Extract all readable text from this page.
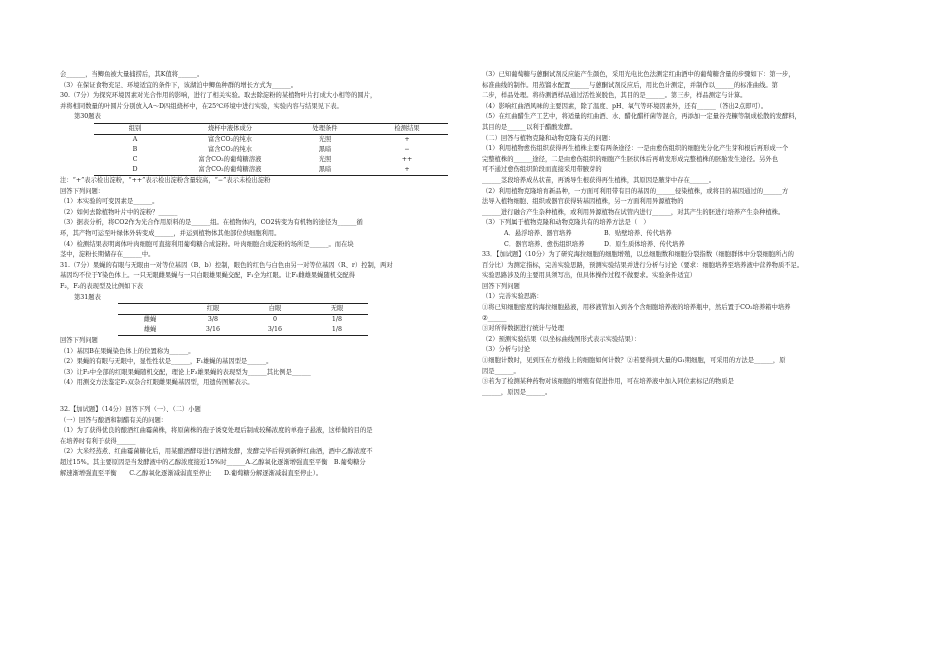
会______，当鲫鱼被大量捕捞后，其K值将______。

（3）在保证食物充足、环境适宜的条件下，该湖泊中鲫鱼种群的增长方式为______。

30.（7分）为探究环境因素对光合作用的影响，进行了相关实验。取去除淀粉的某植物叶片打成大小相等的圆片，

并将相同数量的叶圆片分别放入A～D四组烧杯中，在25℃环境中进行实验，实验内容与结果见下表。

第30题表

组别	烧杯中液体成分	处理条件	检测结果
A	富含CO₂的纯水	光照	+
B	富含CO₂的纯水	黑暗	−
C	富含CO₂的葡萄糖溶液	光照	++
D	富含CO₂的葡萄糖溶液	黑暗	+

注：“+”表示检出淀粉，“++”表示检出淀粉含量较高，“−”表示未检出淀粉

回答下列问题：

（1）本实验的可变因素是______。

（2）如何去除植物叶片中的淀粉？______

（3）据表分析，将CO2作为光合作用原料的是______组。在植物体内，CO2转变为有机物的途径为______循

环，其产物可运至叶绿体外转变成______，并运到植物体其他部位供细胞利用。

（4）检测结果表明离体叶肉细胞可直接利用葡萄糖合成淀粉。叶肉细胞合成淀粉的场所是______。而在块

茎中，淀粉长期储存在______中。

31.（7分）果蝇的有眼与无眼由一对等位基因（B、b）控制，眼色的红色与白色由另一对等位基因（R、r）控制，两对

基因均不位于Y染色体上。一只无眼雌果蝇与一只白眼雄果蝇交配，F₁全为红眼。让F₁雌雄果蝇随机交配得

F₂，F₂的表现型及比例如下表

第31题表

	红眼	白眼	无眼
雌蝇	3/8	0	1/8
雄蝇	3/16	3/16	1/8

回答下列问题

（1）基因B在果蝇染色体上的位置称为______。

（2）果蝇的有眼与无眼中，显性性状是______，F₁雄蝇的基因型是______。

（3）让F₂中全部的红眼果蝇随机交配，理论上F₃雄果蝇的表现型为______其比例是______

（4）用测交方法鉴定F₂双杂合红眼雌果蝇基因型，用遗传图解表示。

32.【加试题】（14分）回答下列（一）、（二）小题

（一）回答与酿酒和制醋有关的问题：

（1）为了获得优良的酿酒红曲霉菌株，将原菌株的孢子诱变处理后制成较稀浓度的单孢子悬液，这样做的目的是

在培养时有利于获得______

（2）大米经蒸煮、红曲霉菌糖化后，用某酿酒酵母进行酒精发酵，发酵完毕后得到新鲜红曲酒，酒中乙醇浓度不

超过15%。其主要原因是当发酵液中的乙醇浓度接近15%时______A.乙醇氧化逐渐增强直至平衡　B.葡萄糖分

解速渐增强直至平衡　　C.乙醇氧化逐渐减弱直至停止　　D.葡萄糖分解逐渐减弱直至停止）。

（3）已知葡萄糖与蒽酮试剂反应能产生颜色，采用光电比色法测定红曲酒中的葡萄糖含量的步骤如下：第一步，

标准曲线的制作。用蒸馏水配置______与蒽酮试剂反应后，用比色计测定，并制作以______的标准曲线。第

二步，样品处理。将待测酒样品通过活性炭脱色，其目的是______。第三步，样品测定与计算。

（4）影响红曲酒风味的主要因素，除了温度、pH、氧气等环境因素外，还有______（答出2点即可）。

（5）在红曲醋生产工艺中，将适量的红曲酒、水、醋化醋杆菌等混合，再添加一定量谷壳糠等制成松散的发酵料，

其目的是______以利于醋酸发酵。

（二）回答与植物克隆和动物克隆有关的问题：

（1）利用植物愈伤组织获得再生植株主要有两条途径：一是由愈伤组织的细胞先分化产生芽和根后再形成一个

完整植株的______途径，二是由愈伤组织的细胞产生胚状体后再萌发形成完整植株的胚胎发生途径。另外也

可不通过愈伤组织阶段而直接采用带腋芽的

______茎段培养成丛状苗，再诱导生根获得再生植株，其原因是腋芽中存在______。

（2）利用植物克隆培育新品种，一方面可利用带有目的基因的______侵染植株，或将目的基因通过的______方

法导入植物细胞、组织或器官获得转基因植株，另一方面利用异源植物的

______进行融合产生杂种植株，或利用异源植物在试管内进行______，对其产生的胚进行培养产生杂种植株。

（3）下列属于植物克隆和动物克隆共有的培养方法是（　）

A．悬浮培养、器官培养	B．贴壁培养、传代培养

C．器官培养、愈伤组织培养	D．原生质体培养、传代培养

33．【加试题】（10分）为了研究海拉细胞的细胞增殖，以总细胞数和细胞分裂指数（细胞群体中分裂细胞所占的

百分比）为测定指标，完善实验思路，预测实验结果并进行分析与讨论（要求：细胞培养至培养液中营养物质不足。

实验思路涉及的主要用具须写出，但具体操作过程不做要求。实验条件适宜）

回答下列问题

（1）完善实验思路：

①将已知细胞密度的海拉细胞悬液，用移液管加入到各个含细胞培养液的培养瓶中，然后置于CO₂培养箱中培养

②______

③对所得数据进行统计与处理

（2）预测实验结果（以坐标曲线图形式表示实验结果）：

（3）分析与讨论

①细胞计数时，见到压在方格线上的细胞如何计数？②若要得到大量的G₁期细胞，可采用的方法是______，原

因是______。

③若为了检测某种药物对该细胞的增殖有促进作用，可在培养液中加入同位素标记的物质是

______，原因是______。
